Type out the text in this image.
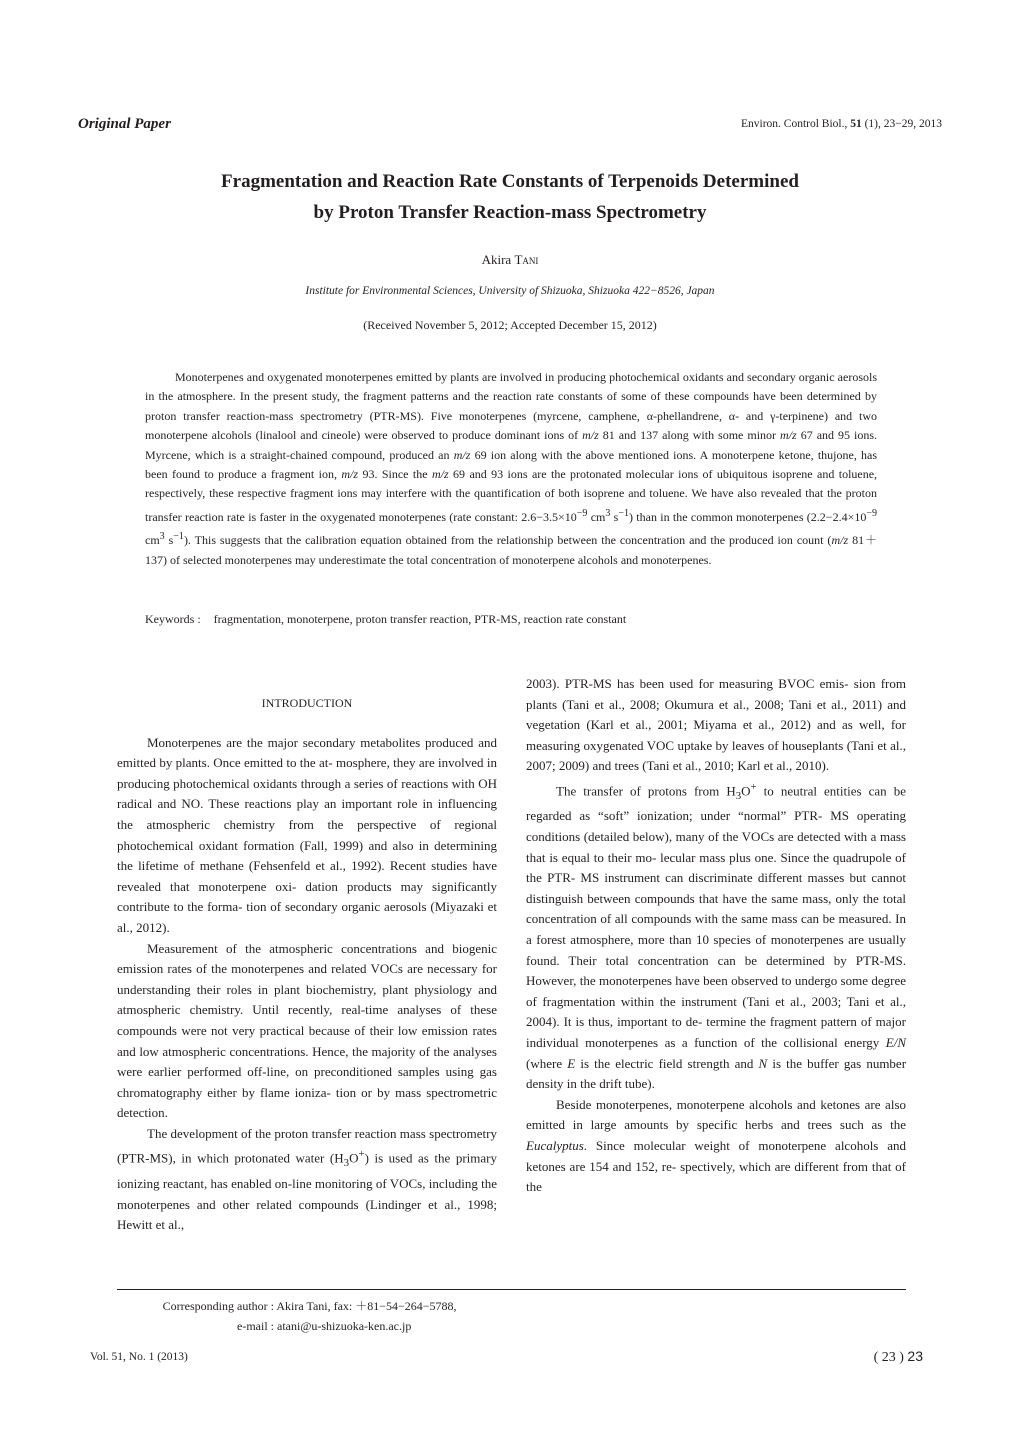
Original Paper	Environ. Control Biol., 51 (1), 23−29, 2013
Fragmentation and Reaction Rate Constants of Terpenoids Determined
by Proton Transfer Reaction-mass Spectrometry
Akira Tani
Institute for Environmental Sciences, University of Shizuoka, Shizuoka 422−8526, Japan
(Received November 5, 2012; Accepted December 15, 2012)

Monoterpenes and oxygenated monoterpenes emitted by plants are involved in producing photochemical oxidants and secondary organic aerosols in the atmosphere. In the present study, the fragment patterns and the reaction rate constants of some of these compounds have been determined by proton transfer reaction-mass spectrometry (PTR-MS). Five monoterpenes (myrcene, camphene, α-phellandrene, α- and γ-terpinene) and two monoterpene alcohols (linalool and cineole) were observed to produce dominant ions of m/z 81 and 137 along with some minor m/z 67 and 95 ions. Myrcene, which is a straight-chained compound, produced an m/z 69 ion along with the above mentioned ions. A monoterpene ketone, thujone, has been found to produce a fragment ion, m/z 93. Since the m/z 69 and 93 ions are the protonated molecular ions of ubiquitous isoprene and toluene, respectively, these respective fragment ions may interfere with the quantification of both isoprene and toluene. We have also revealed that the proton transfer reaction rate is faster in the oxygenated monoterpenes (rate constant: $2.6-3.5\times 10^{-9}$ $cm^3$ $s^{-1}$) than in the common monoterpenes ($2.2-2.4\times 10^{-9}$ $cm^3$ $s^{-1}$). This suggests that the calibration equation obtained from the relationship between the concentration and the produced ion count (m/z 81＋137) of selected monoterpenes may underestimate the total concentration of monoterpene alcohols and monoterpenes.

Keywords : fragmentation, monoterpene, proton transfer reaction, PTR-MS, reaction rate constant

INTRODUCTION

Monoterpenes are the major secondary metabolites produced and emitted by plants. Once emitted to the at- mosphere, they are involved in producing photochemical oxidants through a series of reactions with OH radical and NO. These reactions play an important role in influencing the atmospheric chemistry from the perspective of regional photochemical oxidant formation (Fall, 1999) and also in determining the lifetime of methane (Fehsenfeld et al., 1992). Recent studies have revealed that monoterpene oxi- dation products may significantly contribute to the forma- tion of secondary organic aerosols (Miyazaki et al., 2012).

Measurement of the atmospheric concentrations and biogenic emission rates of the monoterpenes and related VOCs are necessary for understanding their roles in plant biochemistry, plant physiology and atmospheric chemistry. Until recently, real-time analyses of these compounds were not very practical because of their low emission rates and low atmospheric concentrations. Hence, the majority of the analyses were earlier performed off-line, on preconditioned samples using gas chromatography either by flame ioniza- tion or by mass spectrometric detection.

The development of the proton transfer reaction mass spectrometry (PTR-MS), in which protonated water $(H_3O^+)$ is used as the primary ionizing reactant, has enabled on-line monitoring of VOCs, including the monoterpenes and other related compounds (Lindinger et al., 1998; Hewitt et al.,

2003). PTR-MS has been used for measuring BVOC emis- sion from plants (Tani et al., 2008; Okumura et al., 2008; Tani et al., 2011) and vegetation (Karl et al., 2001; Miyama et al., 2012) and as well, for measuring oxygenated VOC uptake by leaves of houseplants (Tani et al., 2007; 2009) and trees (Tani et al., 2010; Karl et al., 2010).

The transfer of protons from $H_3O^+$ to neutral entities can be regarded as “soft” ionization; under “normal” PTR- MS operating conditions (detailed below), many of the VOCs are detected with a mass that is equal to their mo- lecular mass plus one. Since the quadrupole of the PTR- MS instrument can discriminate different masses but cannot distinguish between compounds that have the same mass, only the total concentration of all compounds with the same mass can be measured. In a forest atmosphere, more than 10 species of monoterpenes are usually found. Their total concentration can be determined by PTR-MS. However, the monoterpenes have been observed to undergo some degree of fragmentation within the instrument (Tani et al., 2003; Tani et al., 2004). It is thus, important to de- termine the fragment pattern of major individual monoterpenes as a function of the collisional energy E/N (where E is the electric field strength and N is the buffer gas number density in the drift tube).

Beside monoterpenes, monoterpene alcohols and ketones are also emitted in large amounts by specific herbs and trees such as the Eucalyptus. Since molecular weight of monoterpene alcohols and ketones are 154 and 152, re- spectively, which are different from that of the

Corresponding author : Akira Tani, fax: ＋81−54−264−5788,
e-mail : atani@u-shizuoka-ken.ac.jp
Vol. 51, No. 1 (2013)	( 23 ) 23
